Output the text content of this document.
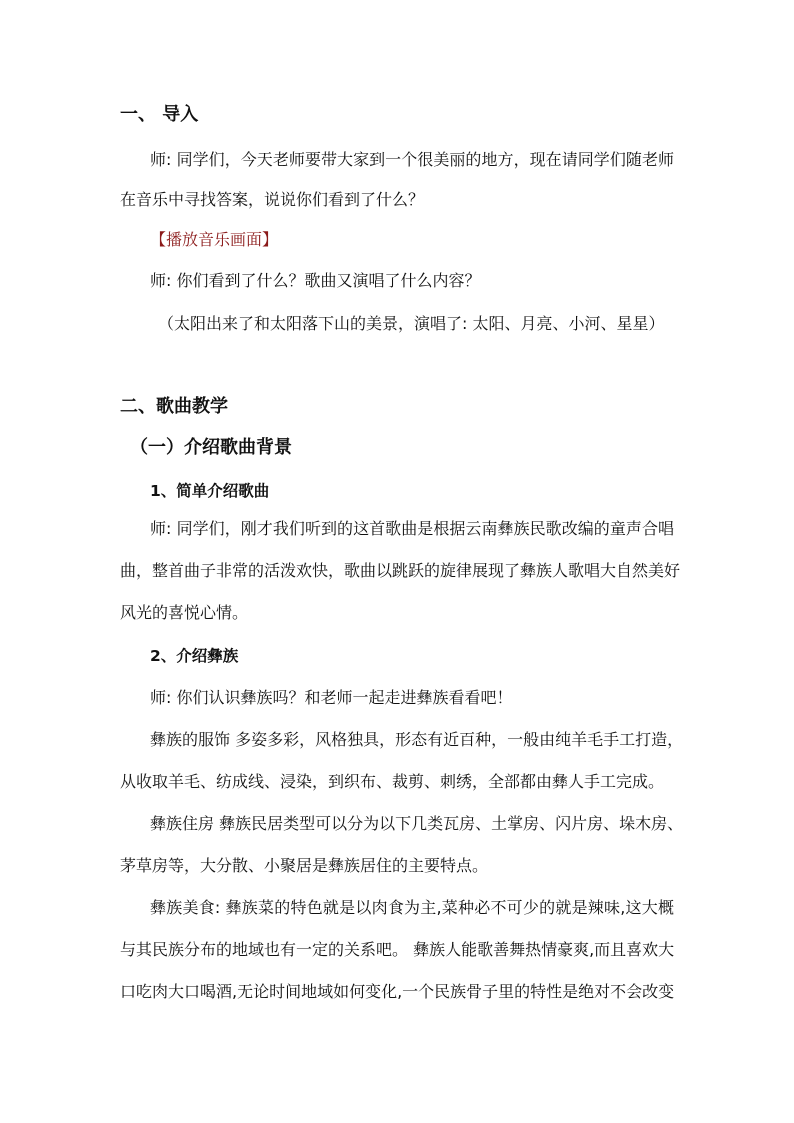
一、 导入
师: 同学们，今天老师要带大家到一个很美丽的地方，现在请同学们随老师
在音乐中寻找答案，说说你们看到了什么？
【播放音乐画面】
师: 你们看到了什么？歌曲又演唱了什么内容？
（太阳出来了和太阳落下山的美景，演唱了: 太阳、月亮、小河、星星）
二、歌曲教学
（一）介绍歌曲背景
1、简单介绍歌曲
师: 同学们，刚才我们听到的这首歌曲是根据云南彝族民歌改编的童声合唱
曲，整首曲子非常的活泼欢快，歌曲以跳跃的旋律展现了彝族人歌唱大自然美好
风光的喜悦心情。
2、介绍彝族
师: 你们认识彝族吗？和老师一起走进彝族看看吧！
彝族的服饰 多姿多彩，风格独具，形态有近百种，一般由纯羊毛手工打造，
从收取羊毛、纺成线、浸染，到织布、裁剪、刺绣，全部都由彝人手工完成。
彝族住房 彝族民居类型可以分为以下几类瓦房、土掌房、闪片房、垛木房、
茅草房等，大分散、小聚居是彝族居住的主要特点。
彝族美食: 彝族菜的特色就是以肉食为主,菜种必不可少的就是辣味,这大概
与其民族分布的地域也有一定的关系吧。 彝族人能歌善舞热情豪爽,而且喜欢大
口吃肉大口喝酒,无论时间地域如何变化,一个民族骨子里的特性是绝对不会改变
